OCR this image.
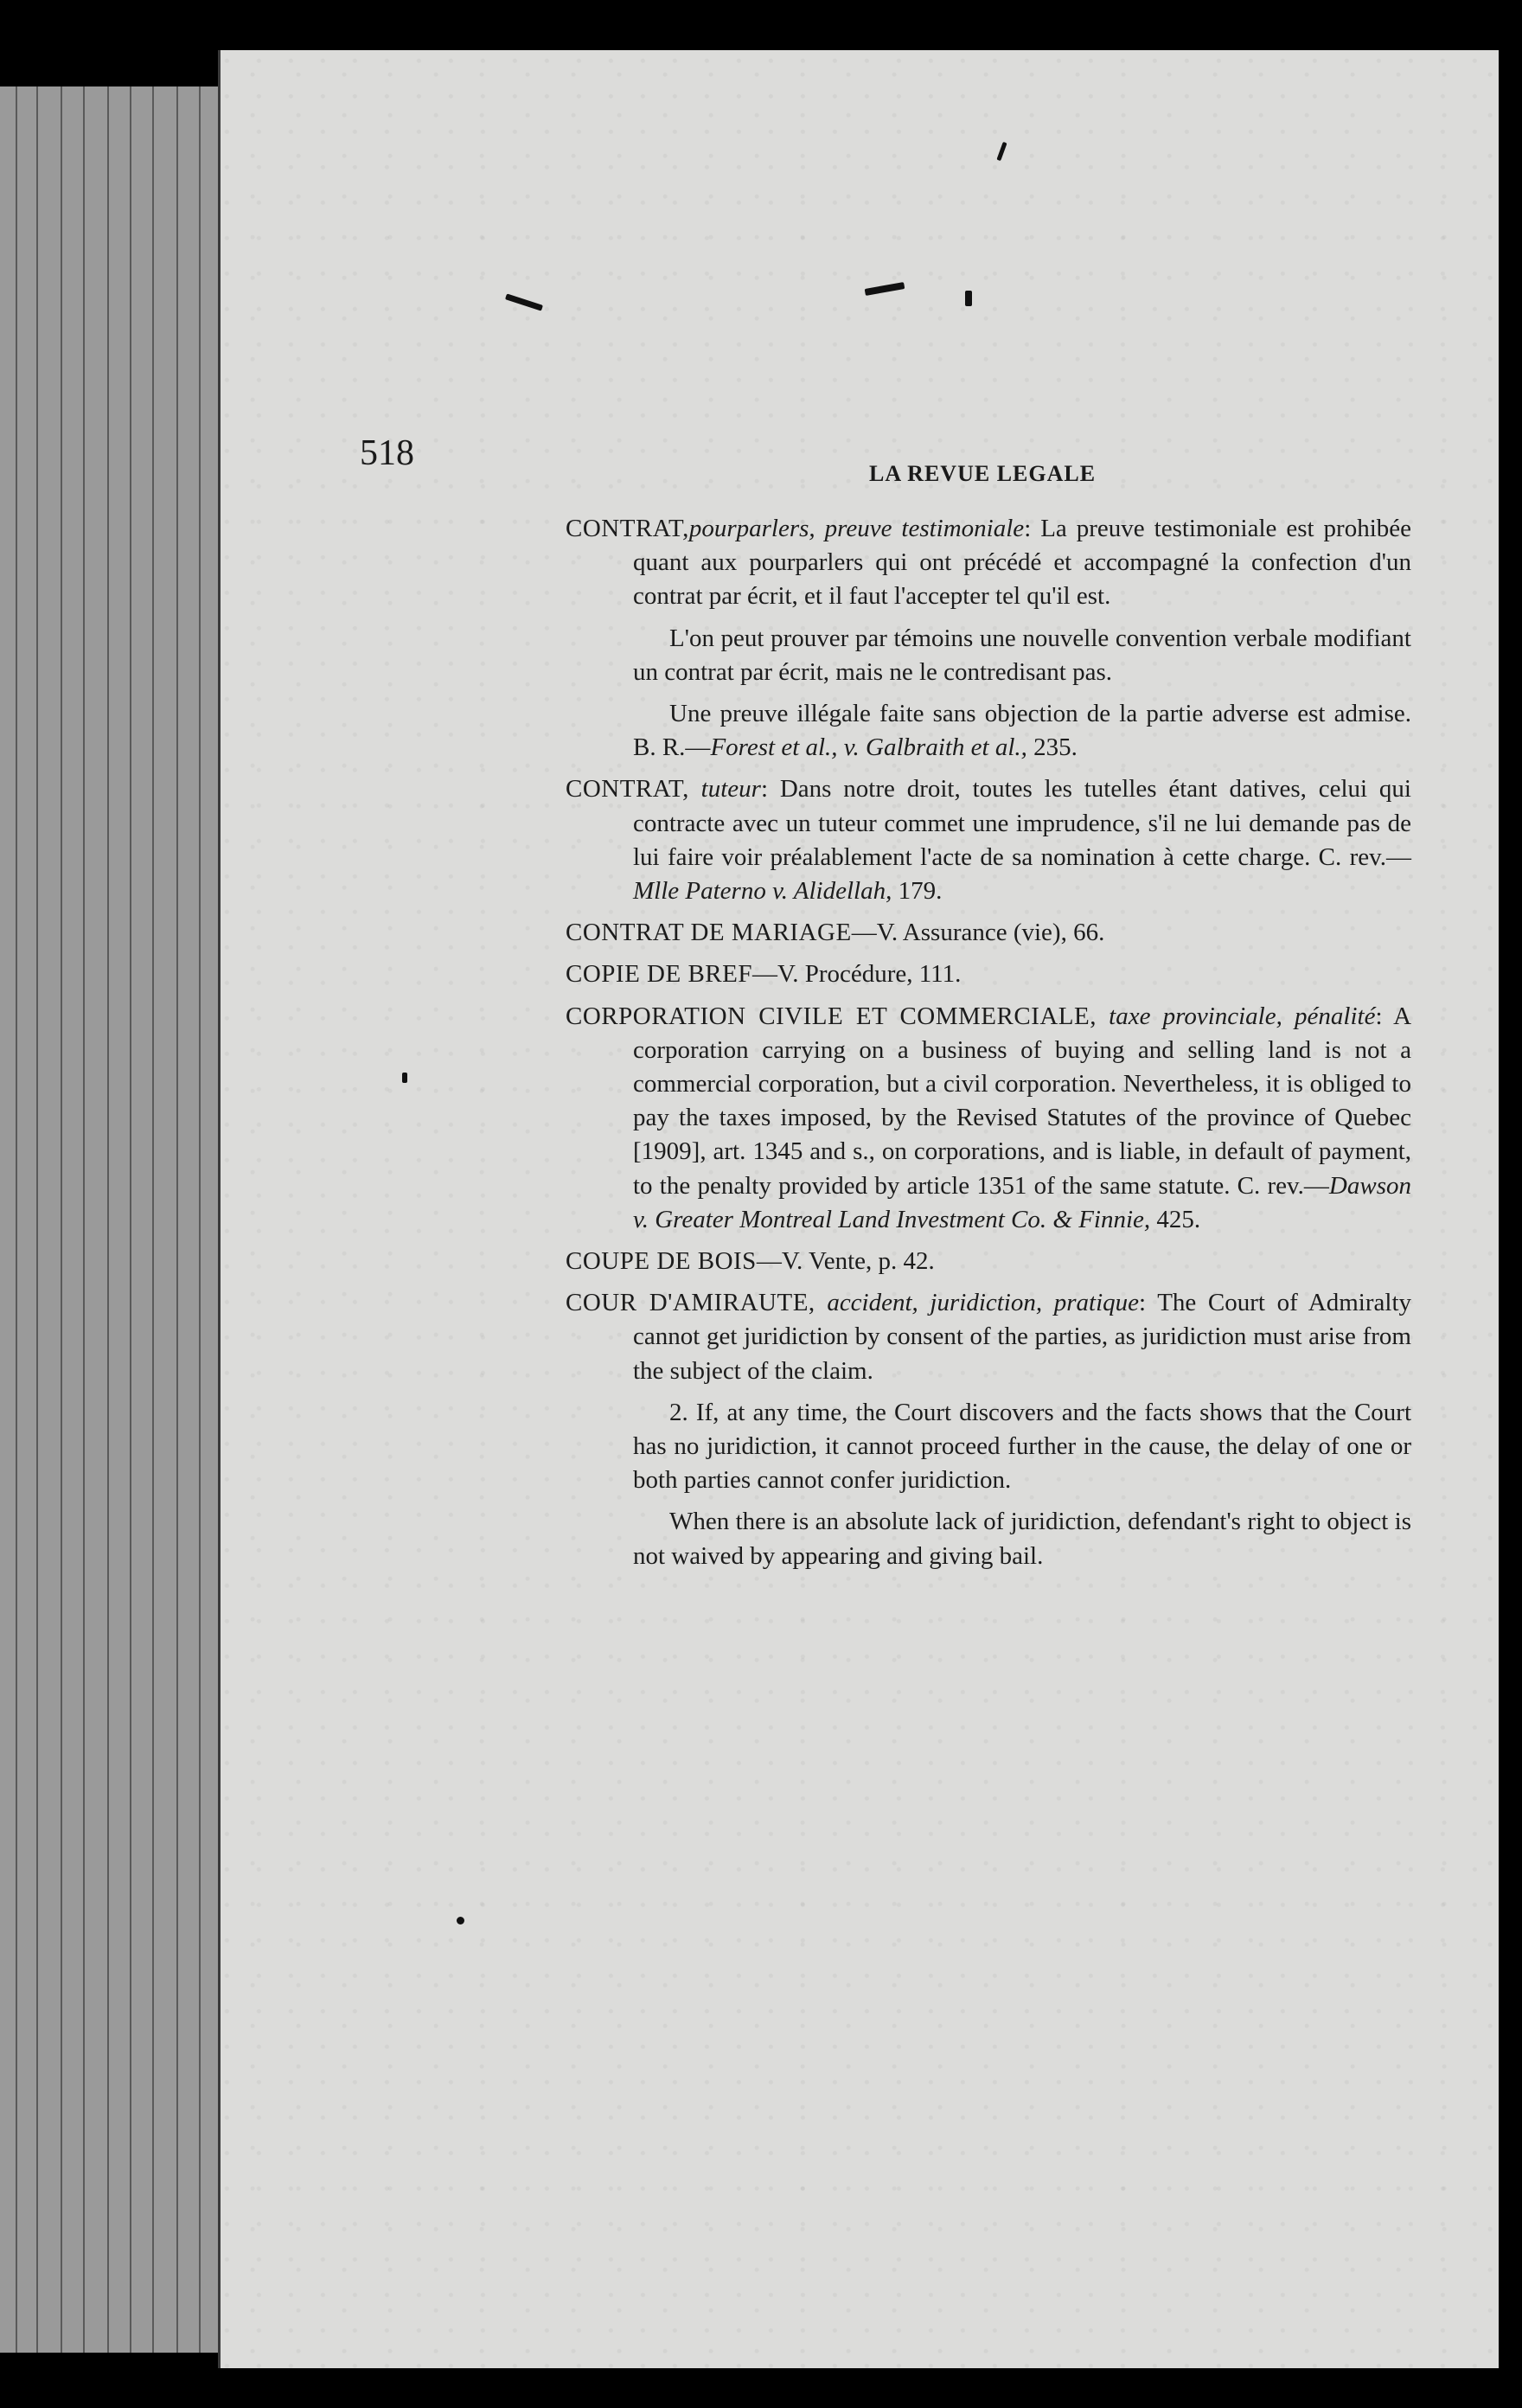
518
LA REVUE LEGALE

CONTRAT,pourparlers, preuve testimoniale: La preuve testimoniale est prohibée quant aux pourparlers qui ont précédé et accompagné la confection d'un contrat par écrit, et il faut l'accepter tel qu'il est.

L'on peut prouver par témoins une nouvelle convention verbale modifiant un contrat par écrit, mais ne le contredisant pas.

Une preuve illégale faite sans objection de la partie adverse est admise. B. R.—Forest et al., v. Galbraith et al., 235.

CONTRAT, tuteur: Dans notre droit, toutes les tutelles étant datives, celui qui contracte avec un tuteur commet une imprudence, s'il ne lui demande pas de lui faire voir préalablement l'acte de sa nomination à cette charge. C. rev.—Mlle Paterno v. Alidellah, 179.

CONTRAT DE MARIAGE—V. Assurance (vie), 66.

COPIE DE BREF—V. Procédure, 111.

CORPORATION CIVILE ET COMMERCIALE, taxe provinciale, pénalité: A corporation carrying on a business of buying and selling land is not a commercial corporation, but a civil corporation. Nevertheless, it is obliged to pay the taxes imposed, by the Revised Statutes of the province of Quebec [1909], art. 1345 and s., on corporations, and is liable, in default of payment, to the penalty provided by article 1351 of the same statute. C. rev.—Dawson v. Greater Montreal Land Investment Co. & Finnie, 425.

COUPE DE BOIS—V. Vente, p. 42.

COUR D'AMIRAUTE, accident, juridiction, pratique: The Court of Admiralty cannot get juridiction by consent of the parties, as juridiction must arise from the subject of the claim.

2. If, at any time, the Court discovers and the facts shows that the Court has no juridiction, it cannot proceed further in the cause, the delay of one or both parties cannot confer juridiction.

When there is an absolute lack of juridiction, defendant's right to object is not waived by appearing and giving bail.
